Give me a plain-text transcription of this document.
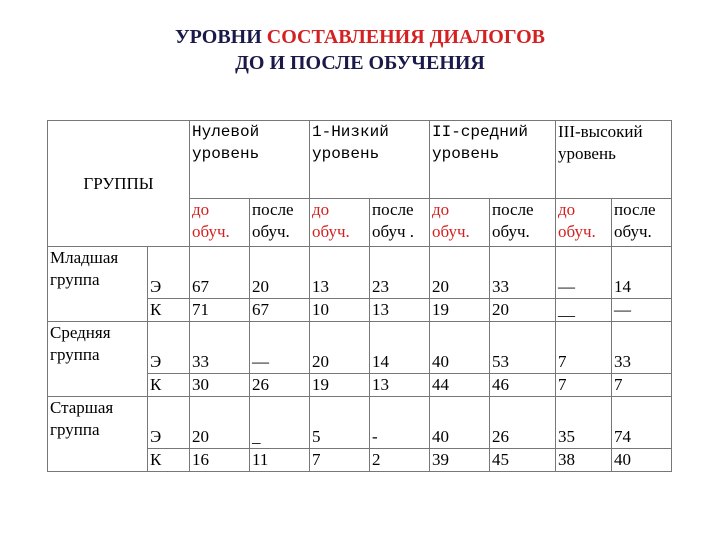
УРОВНИ СОСТАВЛЕНИЯ ДИАЛОГОВ
ДО И ПОСЛЕ ОБУЧЕНИЯ
ГРУППЫ		Нулевой уровень		1-Низкий уровень		II-средний уровень		III-высокий уровень	
		до обуч.	после обуч.	до обуч.	после обуч .	до обуч.	после обуч.	до обуч.	после обуч.
Младшая группа	Э	67	20	13	23	20	33	—	14
	К	71	67	10	13	19	20	__	—
Средняя группа	Э	33	—	20	14	40	53	7	33
	К	30	26	19	13	44	46	7	7
Старшая группа	Э	20	_	5	-	40	26	35	74
	К	16	11	7	2	39	45	38	40
